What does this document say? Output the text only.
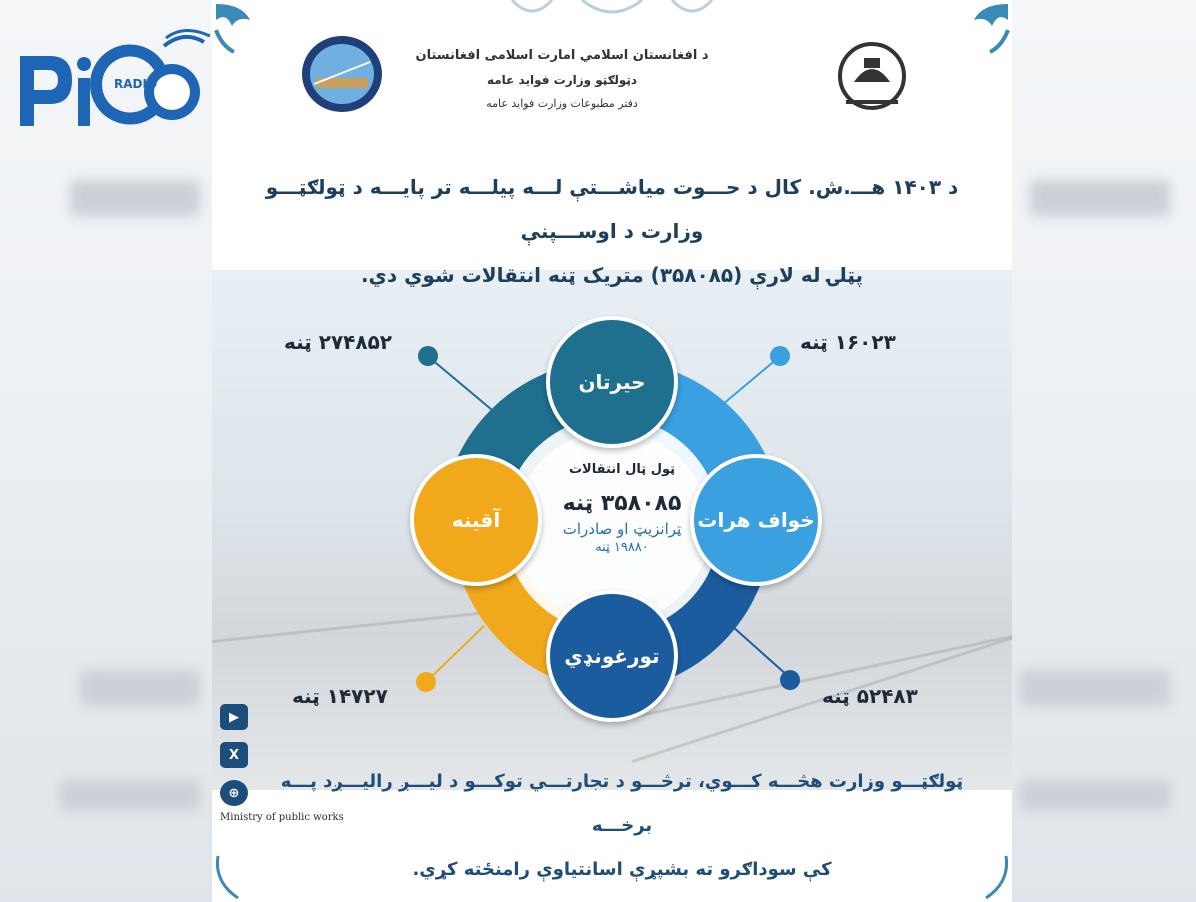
RADIO
د افغانستان اسلامي امارت اسلامی افغانستان
دټولګټو وزارت فواید عامه
دفتر مطبوعات وزارت فواید عامه
د ۱۴۰۳ هـــ.ش. کال د حـــوت میاشـــتې لـــه پیلـــه تر پایـــه د ټولګټـــو وزارت د اوســـپنې
پټلۍ له لارې (۳۵۸۰۸۵) متریک ټنه انتقالات شوي دي.
حیرتان
خواف هرات
تورغونډي
آقینه
۲۷۴۸۵۲ ټنه	۱۶۰۲۳ ټنه
۵۲۴۸۳ ټنه
۱۴۷۲۷ ټنه
ټول ټال انتقالات
۳۵۸۰۸۵ ټنه
ټرانزیټ او صادرات
۱۹۸۸۰ ټنه
▶
X
⊕
Ministry of public works
ټولګټـــو وزارت هڅـــه کـــوي، ترڅـــو د تجارتـــي توکـــو د لیـــږ رالیـــږد پـــه برخـــه
کې سوداګرو ته بشپړې اسانتیاوې رامنځته کړي.
